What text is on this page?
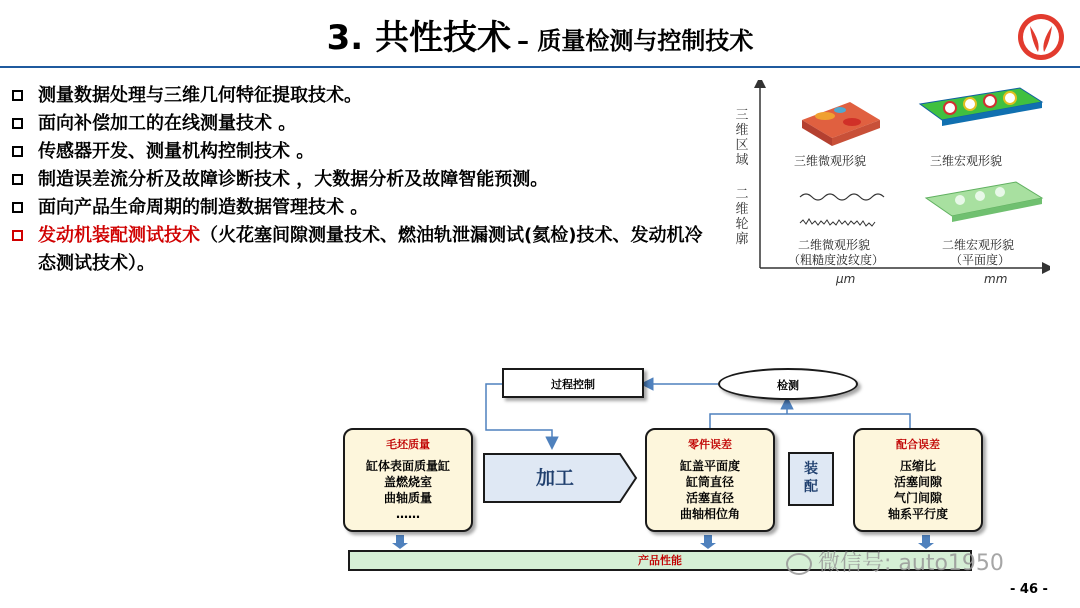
3. 共性技术 – 质量检测与控制技术
测量数据处理与三维几何特征提取技术。
面向补偿加工的在线测量技术 。
传感器开发、测量机构控制技术 。
制造误差流分析及故障诊断技术 ，大数据分析及故障智能预测。
面向产品生命周期的制造数据管理技术 。
发动机装配测试技术（火花塞间隙测量技术、燃油轨泄漏测试(氦检)技术、发动机冷态测试技术）。
三维区域
二维轮廓
三维微观形貌	三维宏观形貌
二维微观形貌
（粗糙度波纹度）
二维宏观形貌
（平面度）
μm	mm
过程控制	检测
毛坯质量
缸体表面质量缸
盖燃烧室
曲轴质量
……
加工
零件误差
缸盖平面度
缸筒直径
活塞直径
曲轴相位角
装配
配合误差
压缩比
活塞间隙
气门间隙
轴系平行度
产品性能	微信号: auto1950
- 46 -
